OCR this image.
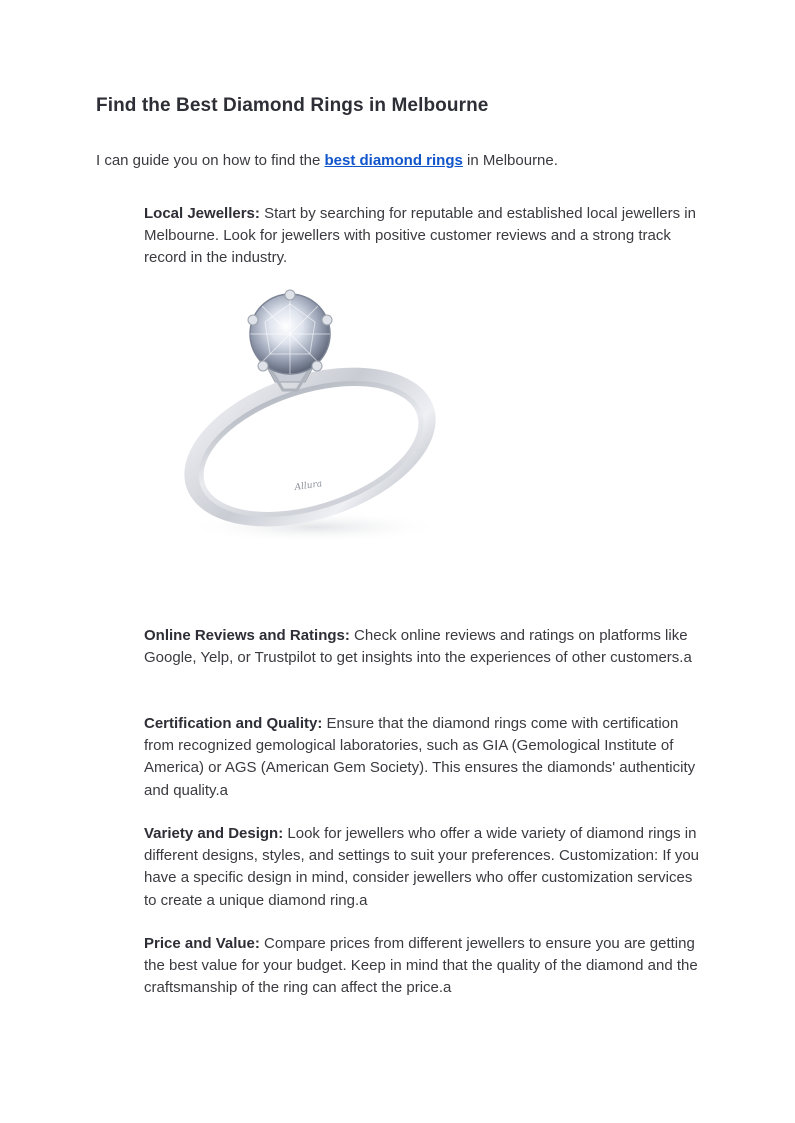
Find the Best Diamond Rings in Melbourne

I can guide you on how to find the best diamond rings in Melbourne.

Local Jewellers: Start by searching for reputable and established local jewellers in Melbourne. Look for jewellers with positive customer reviews and a strong track record in the industry.

Allura

Online Reviews and Ratings: Check online reviews and ratings on platforms like Google, Yelp, or Trustpilot to get insights into the experiences of other customers.a

Certification and Quality: Ensure that the diamond rings come with certification from recognized gemological laboratories, such as GIA (Gemological Institute of America) or AGS (American Gem Society). This ensures the diamonds' authenticity and quality.a

Variety and Design: Look for jewellers who offer a wide variety of diamond rings in different designs, styles, and settings to suit your preferences. Customization: If you have a specific design in mind, consider jewellers who offer customization services to create a unique diamond ring.a

Price and Value: Compare prices from different jewellers to ensure you are getting the best value for your budget. Keep in mind that the quality of the diamond and the craftsmanship of the ring can affect the price.a
